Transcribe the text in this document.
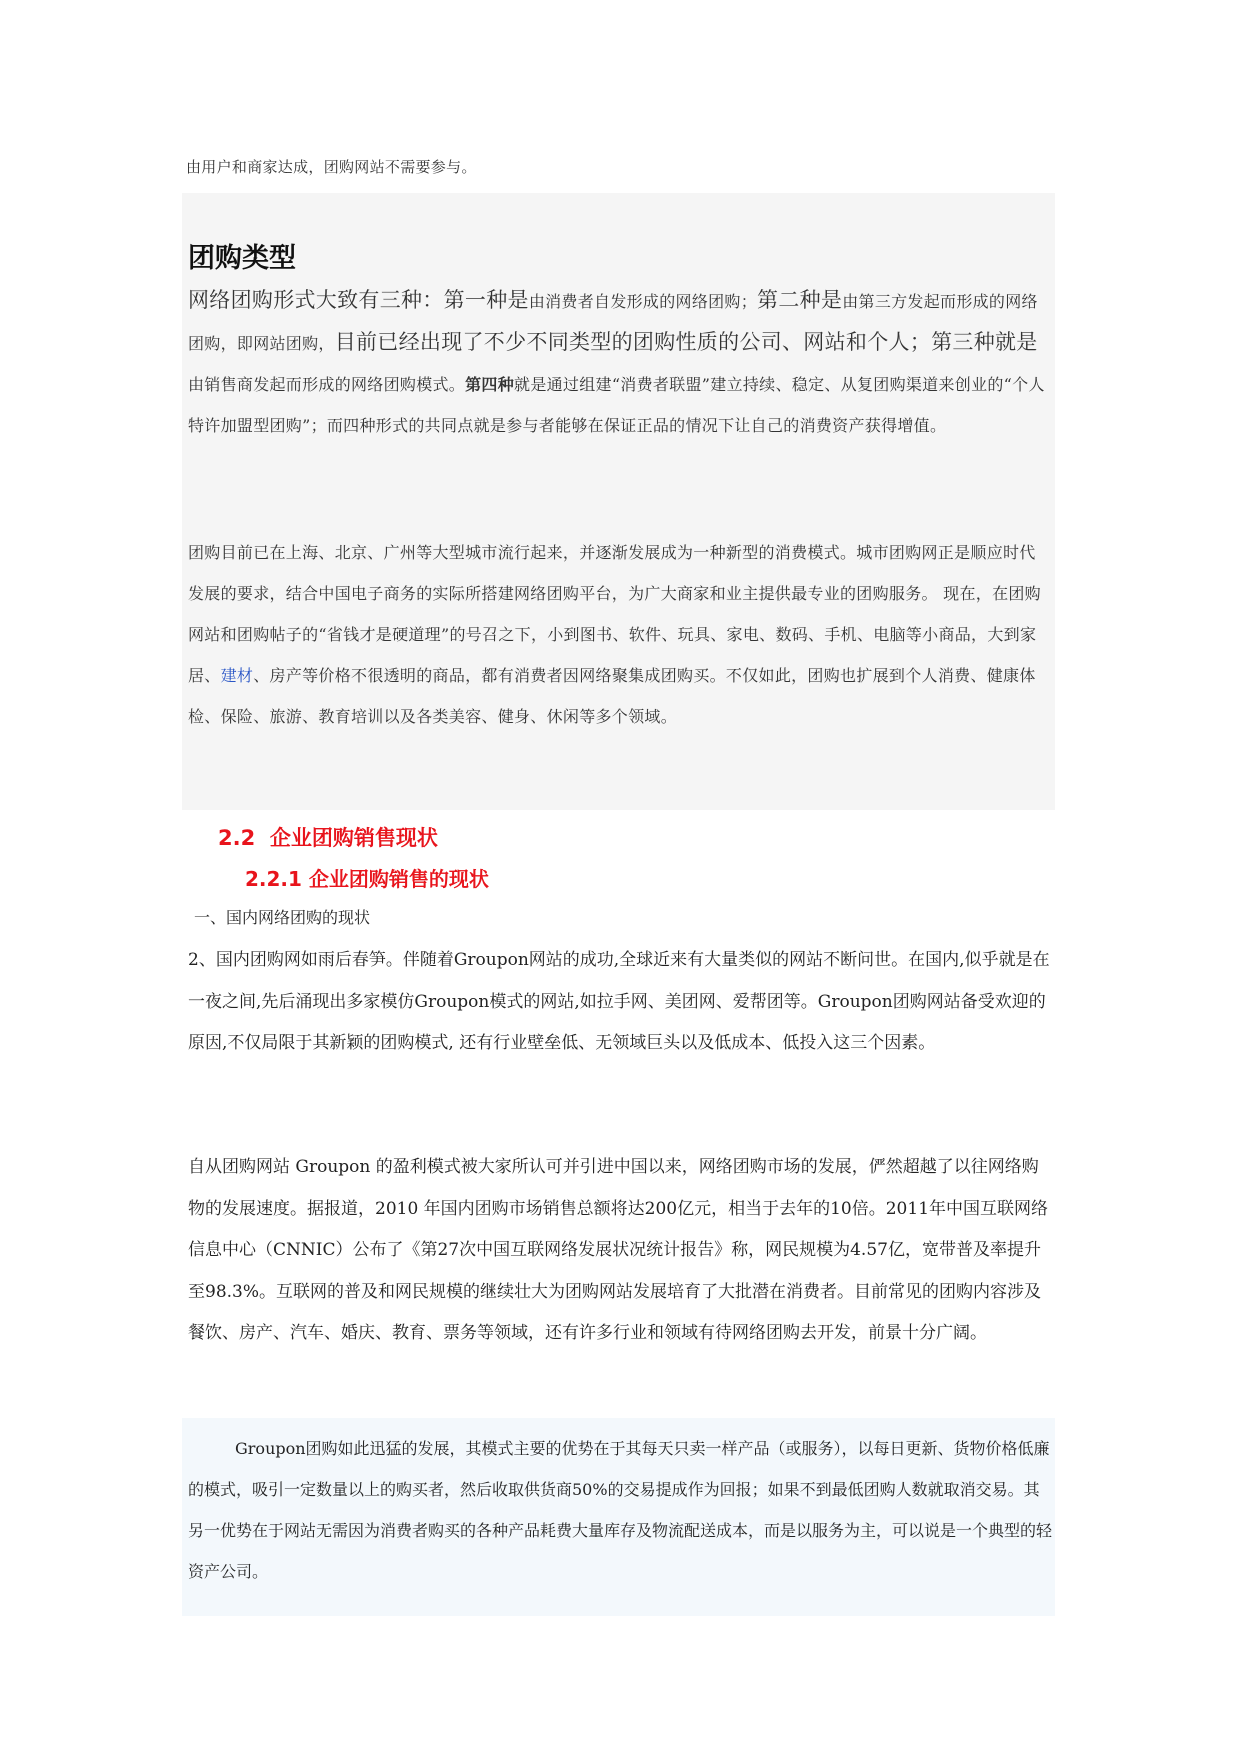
由用户和商家达成，团购网站不需要参与。
团购类型
网络团购形式大致有三种：第一种是由消费者自发形成的网络团购；第二种是由第三方发起而形成的网络团购，即网站团购，目前已经出现了不少不同类型的团购性质的公司、网站和个人；第三种就是由销售商发起而形成的网络团购模式。第四种就是通过组建“消费者联盟”建立持续、稳定、从复团购渠道来创业的“个人特许加盟型团购”；而四种形式的共同点就是参与者能够在保证正品的情况下让自己的消费资产获得增值。
团购目前已在上海、北京、广州等大型城市流行起来，并逐渐发展成为一种新型的消费模式。城市团购网正是顺应时代发展的要求，结合中国电子商务的实际所搭建网络团购平台，为广大商家和业主提供最专业的团购服务。 现在，在团购网站和团购帖子的“省钱才是硬道理”的号召之下，小到图书、软件、玩具、家电、数码、手机、电脑等小商品，大到家居、建材、房产等价格不很透明的商品，都有消费者因网络聚集成团购买。不仅如此，团购也扩展到个人消费、健康体检、保险、旅游、教育培训以及各类美容、健身、休闲等多个领域。
2.2  企业团购销售现状
2.2.1 企业团购销售的现状
一、国内网络团购的现状
2、国内团购网如雨后春笋。伴随着Groupon网站的成功,全球近来有大量类似的网站不断问世。在国内,似乎就是在一夜之间,先后涌现出多家模仿Groupon模式的网站,如拉手网、美团网、爱帮团等。Groupon团购网站备受欢迎的原因,不仅局限于其新颖的团购模式, 还有行业壁垒低、无领域巨头以及低成本、低投入这三个因素。
自从团购网站 Groupon 的盈利模式被大家所认可并引进中国以来，网络团购市场的发展，俨然超越了以往网络购物的发展速度。据报道，2010 年国内团购市场销售总额将达200亿元，相当于去年的10倍。2011年中国互联网络信息中心（CNNIC）公布了《第27次中国互联网络发展状况统计报告》称，网民规模为4.57亿，宽带普及率提升至98.3%。互联网的普及和网民规模的继续壮大为团购网站发展培育了大批潜在消费者。目前常见的团购内容涉及餐饮、房产、汽车、婚庆、教育、票务等领域，还有许多行业和领域有待网络团购去开发，前景十分广阔。
Groupon团购如此迅猛的发展，其模式主要的优势在于其每天只卖一样产品（或服务），以每日更新、货物价格低廉的模式，吸引一定数量以上的购买者，然后收取供货商50%的交易提成作为回报；如果不到最低团购人数就取消交易。其另一优势在于网站无需因为消费者购买的各种产品耗费大量库存及物流配送成本，而是以服务为主，可以说是一个典型的轻资产公司。
